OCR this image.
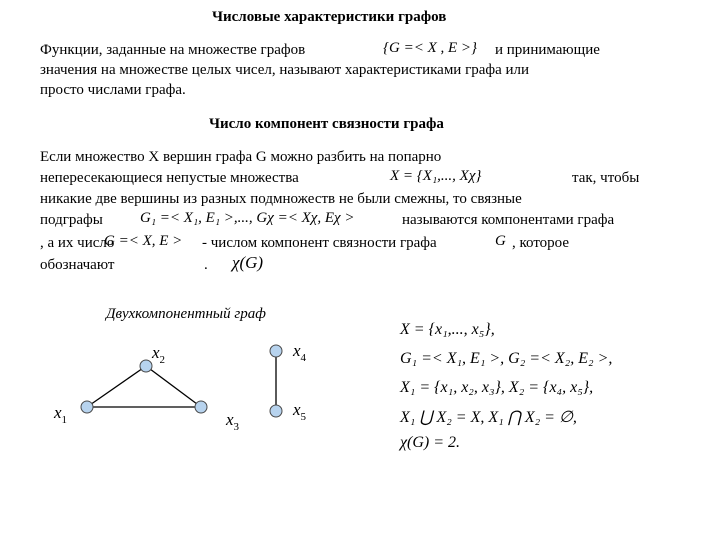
Числовые характеристики графов
Функции, заданные на множестве графов	{G =< X , E >} и принимающие
значения на множестве целых чисел, называют характеристиками графа или
просто числами графа.
Число компонент связности графа
Если множество X вершин графа G можно разбить на попарно
непересекающиеся непустые множества	X = {X₁,..., Xχ}	так, чтобы
никакие две вершины из разных подмножеств не были смежны, то связные
подграфы G₁ =< X₁, E₁ >,..., Gχ =< Xχ, Eχ >	называются компонентами графа
, а их число
G =< X, E > - числом компонент связности графа	G , которое
обозначают	. χ(G)
Двухкомпонентный граф
$x_1$
$x_2$
$x_3$
$x_4$
$x_5$
X = {x₁,..., x₅},
G₁ =< X₁, E₁ >, G₂ =< X₂, E₂ >,
X₁ = {x₁, x₂, x₃}, X₂ = {x₄, x₅},
X₁ ⋃ X₂ = X, X₁ ⋂ X₂ = ∅,
χ(G) = 2.
